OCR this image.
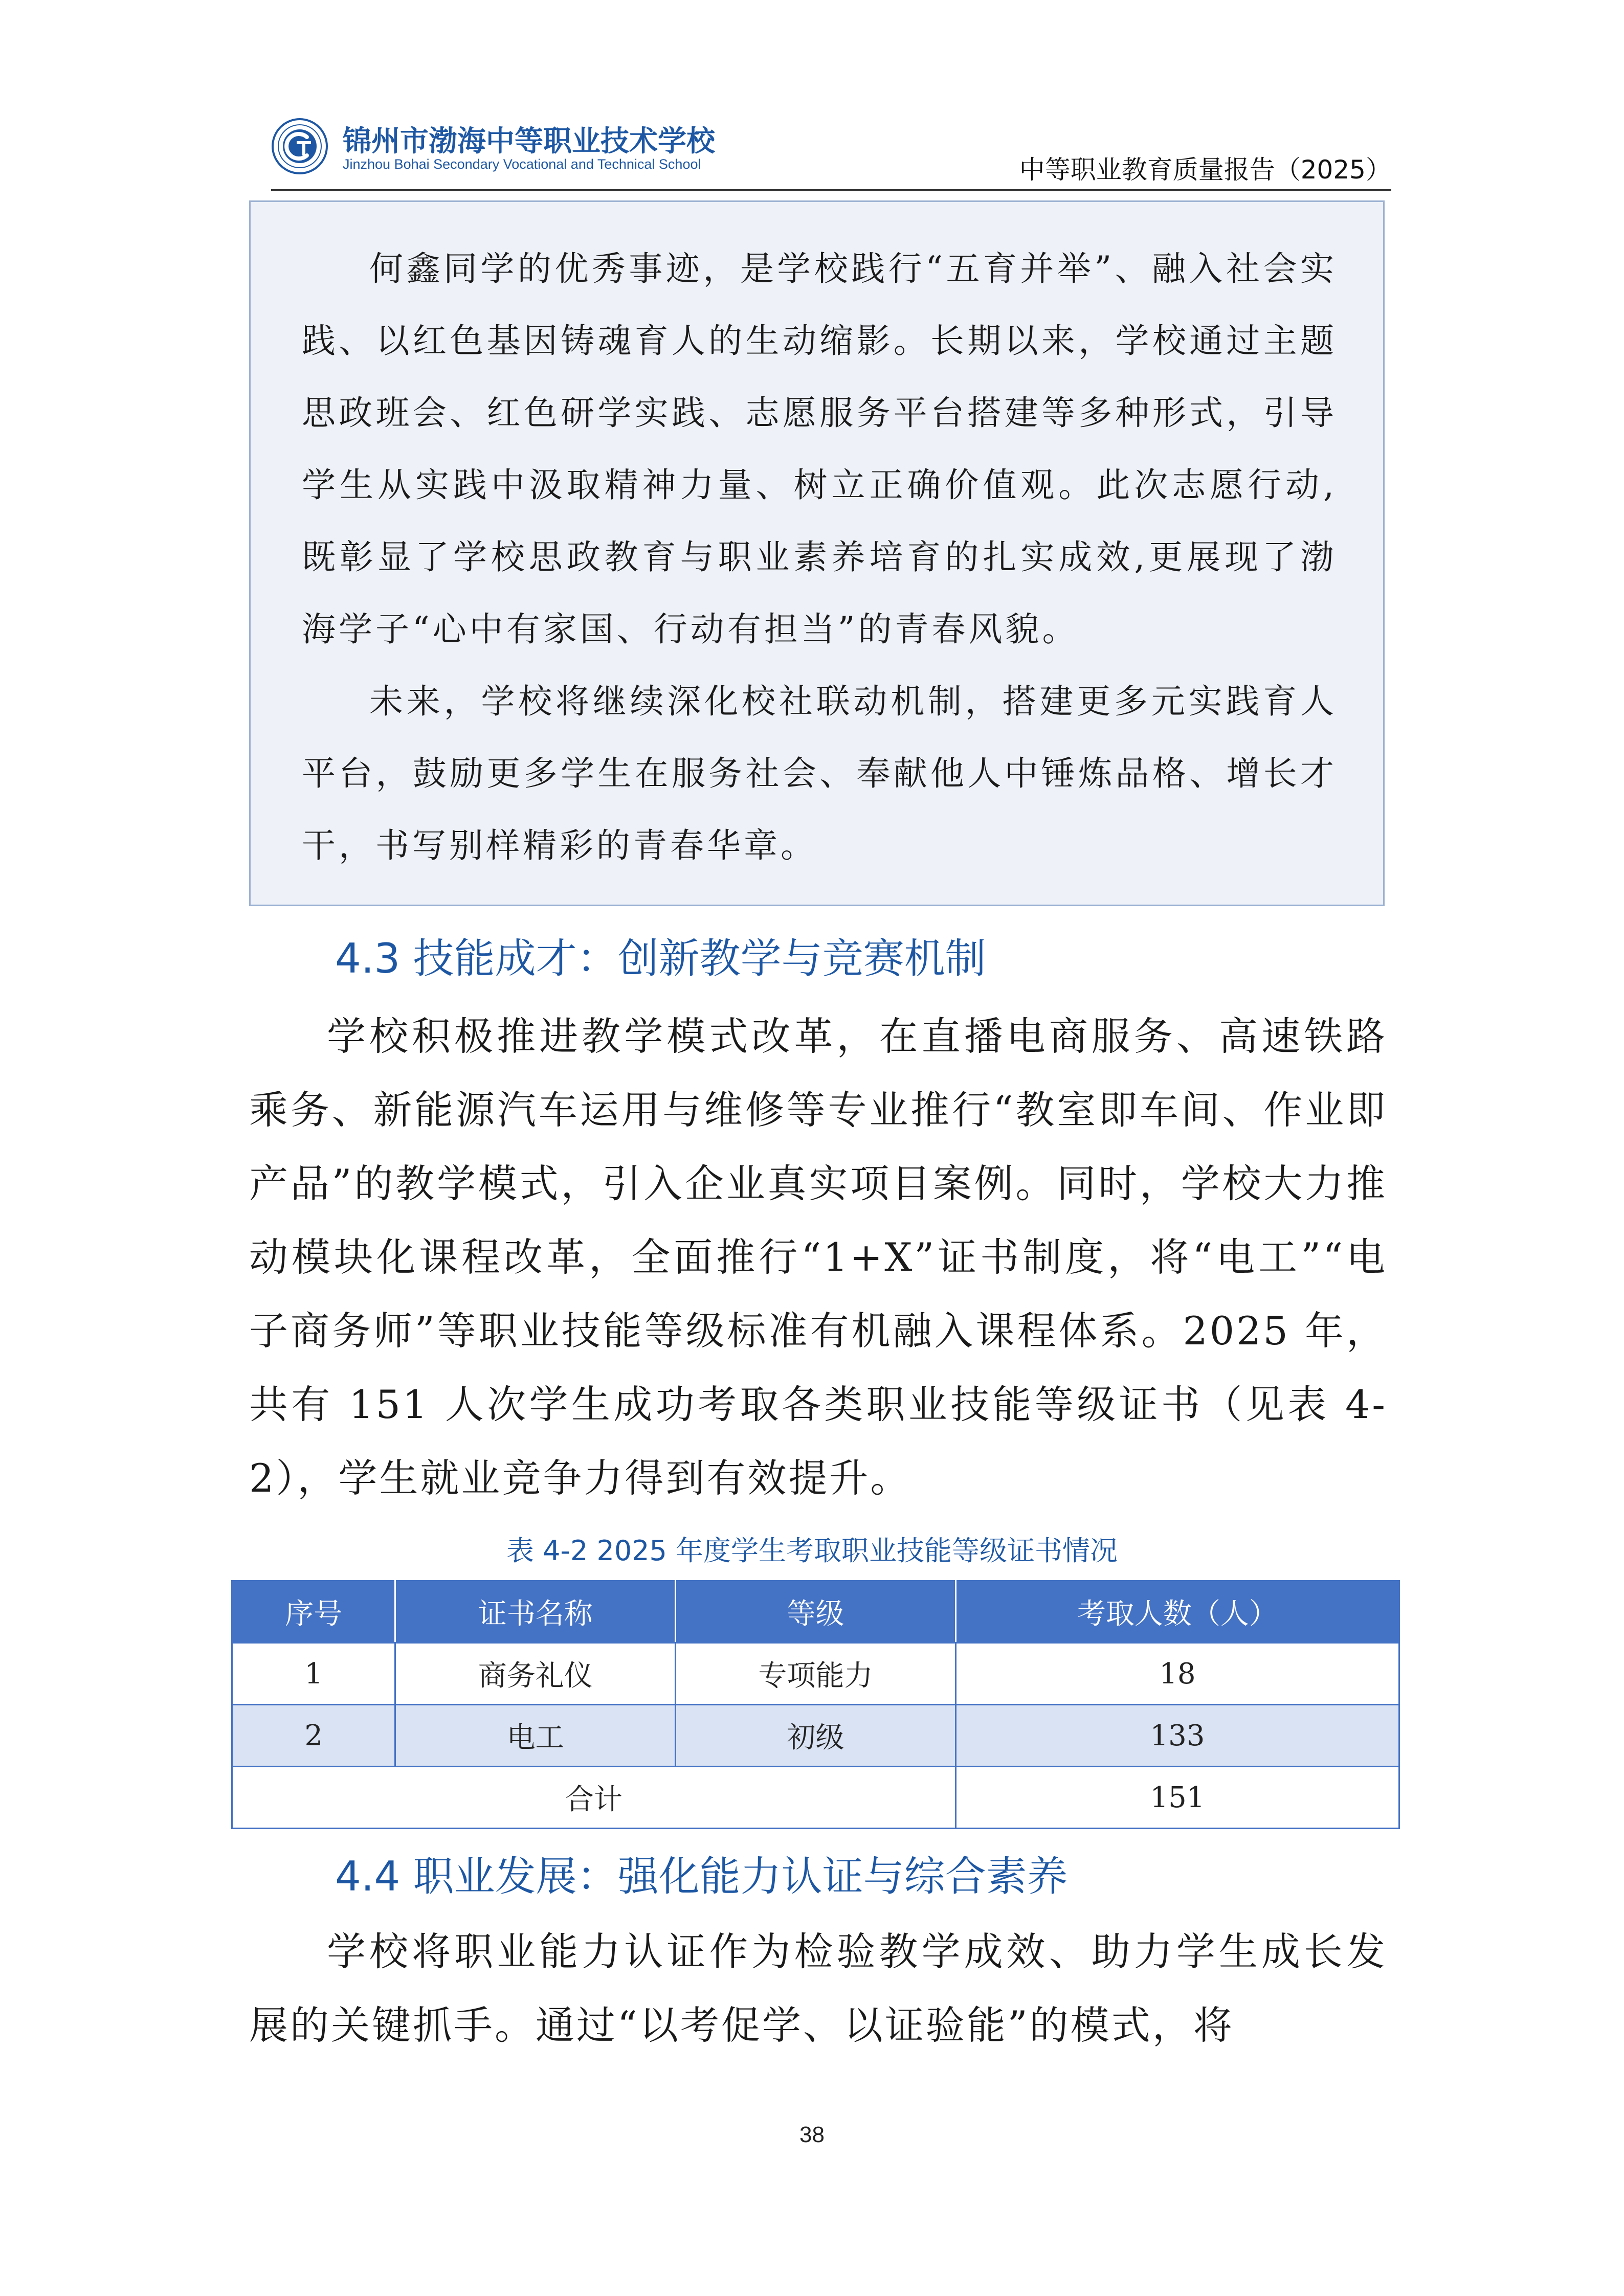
锦州市渤海中等职业技术学校
Jinzhou Bohai Secondary Vocational and Technical School	中等职业教育质量报告（2025）

何鑫同学的优秀事迹，是学校践行“五育并举”、融入社会实践、以红色基因铸魂育人的生动缩影。长期以来，学校通过主题思政班会、红色研学实践、志愿服务平台搭建等多种形式，引导学生从实践中汲取精神力量、树立正确价值观。此次志愿行动,既彰显了学校思政教育与职业素养培育的扎实成效,更展现了渤海学子“心中有家国、行动有担当”的青春风貌。

未来，学校将继续深化校社联动机制，搭建更多元实践育人平台，鼓励更多学生在服务社会、奉献他人中锤炼品格、增长才干，书写别样精彩的青春华章。

4.3 技能成才：创新教学与竞赛机制

学校积极推进教学模式改革，在直播电商服务、高速铁路乘务、新能源汽车运用与维修等专业推行“教室即车间、作业即产品”的教学模式，引入企业真实项目案例。同时，学校大力推动模块化课程改革，全面推行“1+X”证书制度，将“电工”“电子商务师”等职业技能等级标准有机融入课程体系。2025 年，共有 151 人次学生成功考取各类职业技能等级证书（见表 4-2），学生就业竞争力得到有效提升。

表 4-2 2025 年度学生考取职业技能等级证书情况
序号	证书名称	等级	考取人数（人）
1	商务礼仪	专项能力	18
2	电工	初级	133
合计			151
4.4 职业发展：强化能力认证与综合素养

学校将职业能力认证作为检验教学成效、助力学生成长发展的关键抓手。通过“以考促学、以证验能”的模式，将

38
